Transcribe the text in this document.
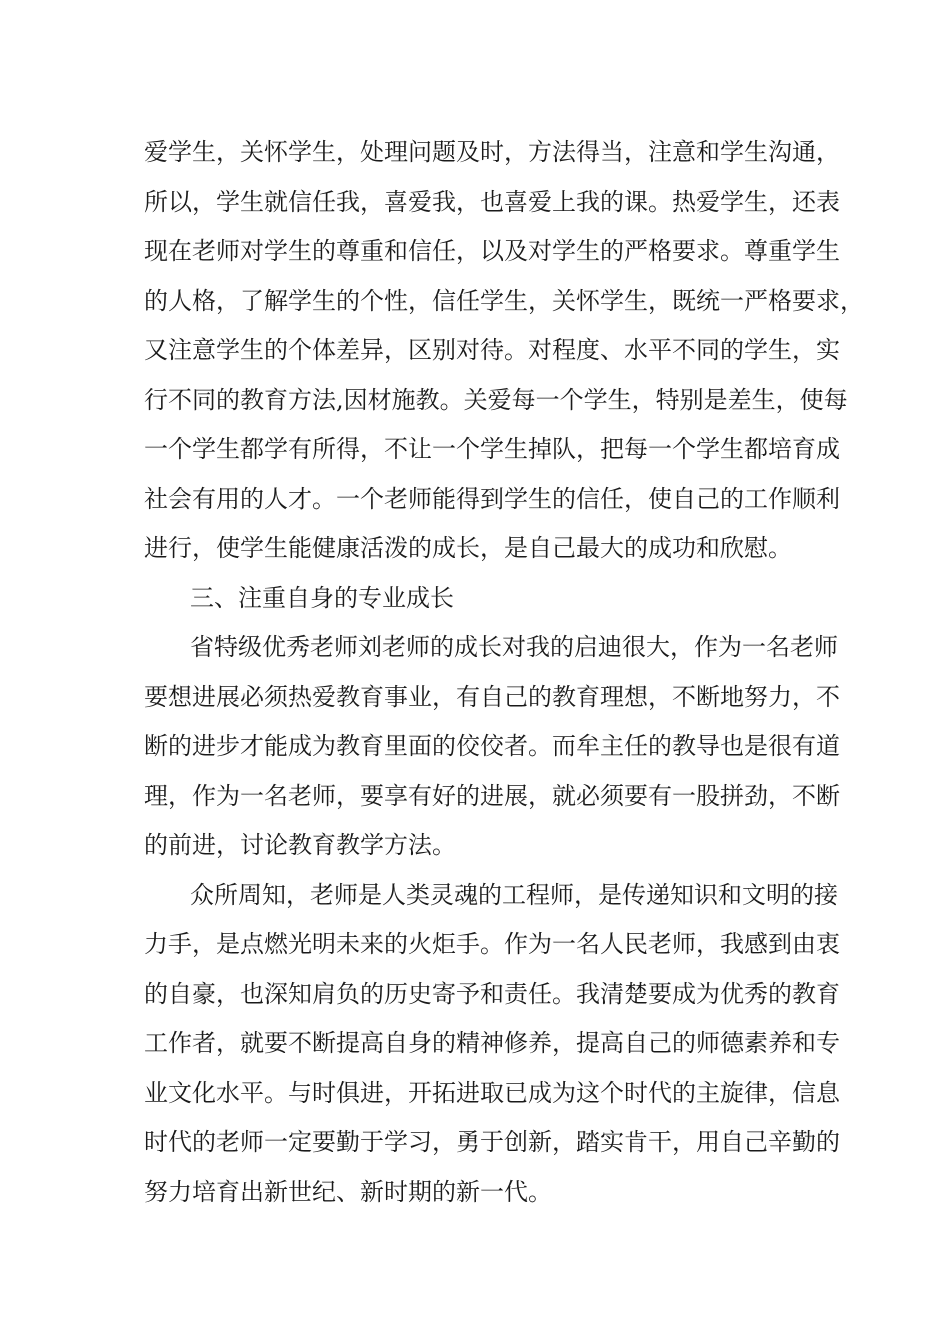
爱学生，关怀学生，处理问题及时，方法得当，注意和学生沟通，
所以，学生就信任我，喜爱我，也喜爱上我的课。热爱学生，还表
现在老师对学生的尊重和信任，以及对学生的严格要求。尊重学生
的人格，了解学生的个性，信任学生，关怀学生，既统一严格要求，
又注意学生的个体差异，区别对待。对程度、水平不同的学生，实
行不同的教育方法,因材施教。关爱每一个学生，特别是差生，使每
一个学生都学有所得，不让一个学生掉队，把每一个学生都培育成
社会有用的人才。一个老师能得到学生的信任，使自己的工作顺利
进行，使学生能健康活泼的成长，是自己最大的成功和欣慰。
三、注重自身的专业成长
省特级优秀老师刘老师的成长对我的启迪很大，作为一名老师
要想进展必须热爱教育事业，有自己的教育理想，不断地努力，不
断的进步才能成为教育里面的佼佼者。而牟主任的教导也是很有道
理，作为一名老师，要享有好的进展，就必须要有一股拼劲，不断
的前进，讨论教育教学方法。
众所周知，老师是人类灵魂的工程师，是传递知识和文明的接
力手，是点燃光明未来的火炬手。作为一名人民老师，我感到由衷
的自豪，也深知肩负的历史寄予和责任。我清楚要成为优秀的教育
工作者，就要不断提高自身的精神修养，提高自己的师德素养和专
业文化水平。与时俱进，开拓进取已成为这个时代的主旋律，信息
时代的老师一定要勤于学习，勇于创新，踏实肯干，用自己辛勤的
努力培育出新世纪、新时期的新一代。
